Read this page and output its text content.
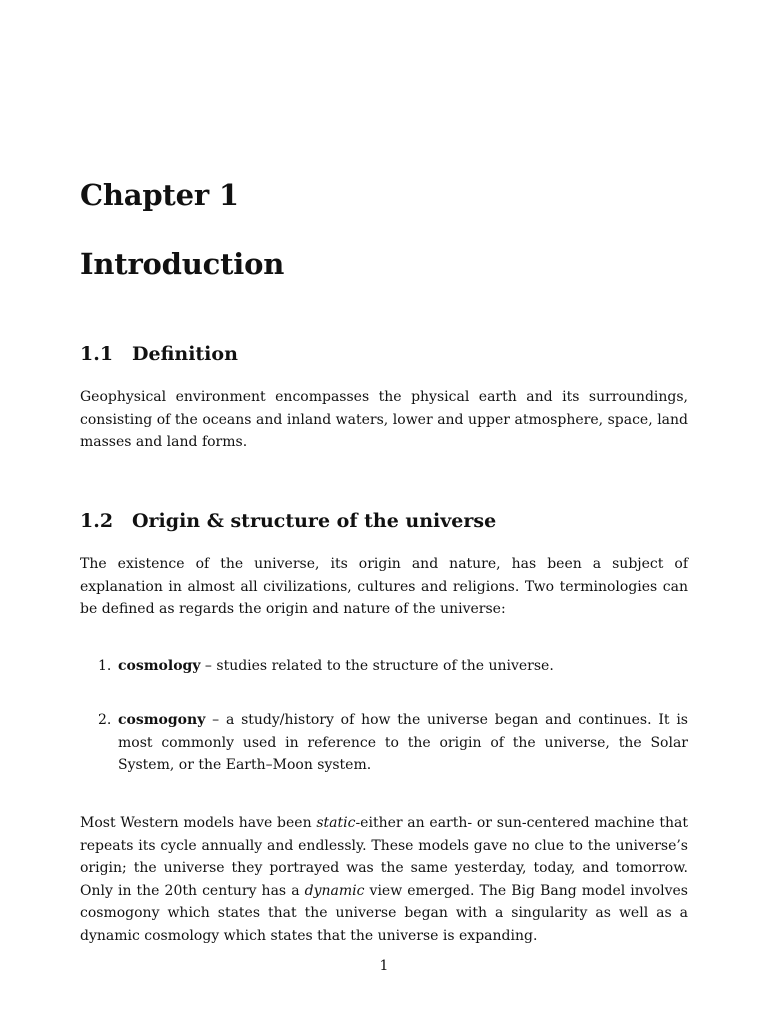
Chapter 1
Introduction
1.1 Definition

Geophysical environment encompasses the physical earth and its surroundings, consisting of the oceans and inland waters, lower and upper atmosphere, space, land masses and land forms.

1.2 Origin & structure of the universe

The existence of the universe, its origin and nature, has been a subject of explanation in almost all civilizations, cultures and religions. Two terminologies can be defined as regards the origin and nature of the universe:

1. cosmology – studies related to the structure of the universe.
2. cosmogony – a study/history of how the universe began and continues. It is most commonly used in reference to the origin of the universe, the Solar System, or the Earth–Moon system.

Most Western models have been static-either an earth- or sun-centered machine that repeats its cycle annually and endlessly. These models gave no clue to the universe’s origin; the universe they portrayed was the same yesterday, today, and tomorrow. Only in the 20th century has a dynamic view emerged. The Big Bang model involves cosmogony which states that the universe began with a singularity as well as a dynamic cosmology which states that the universe is expanding.

1
